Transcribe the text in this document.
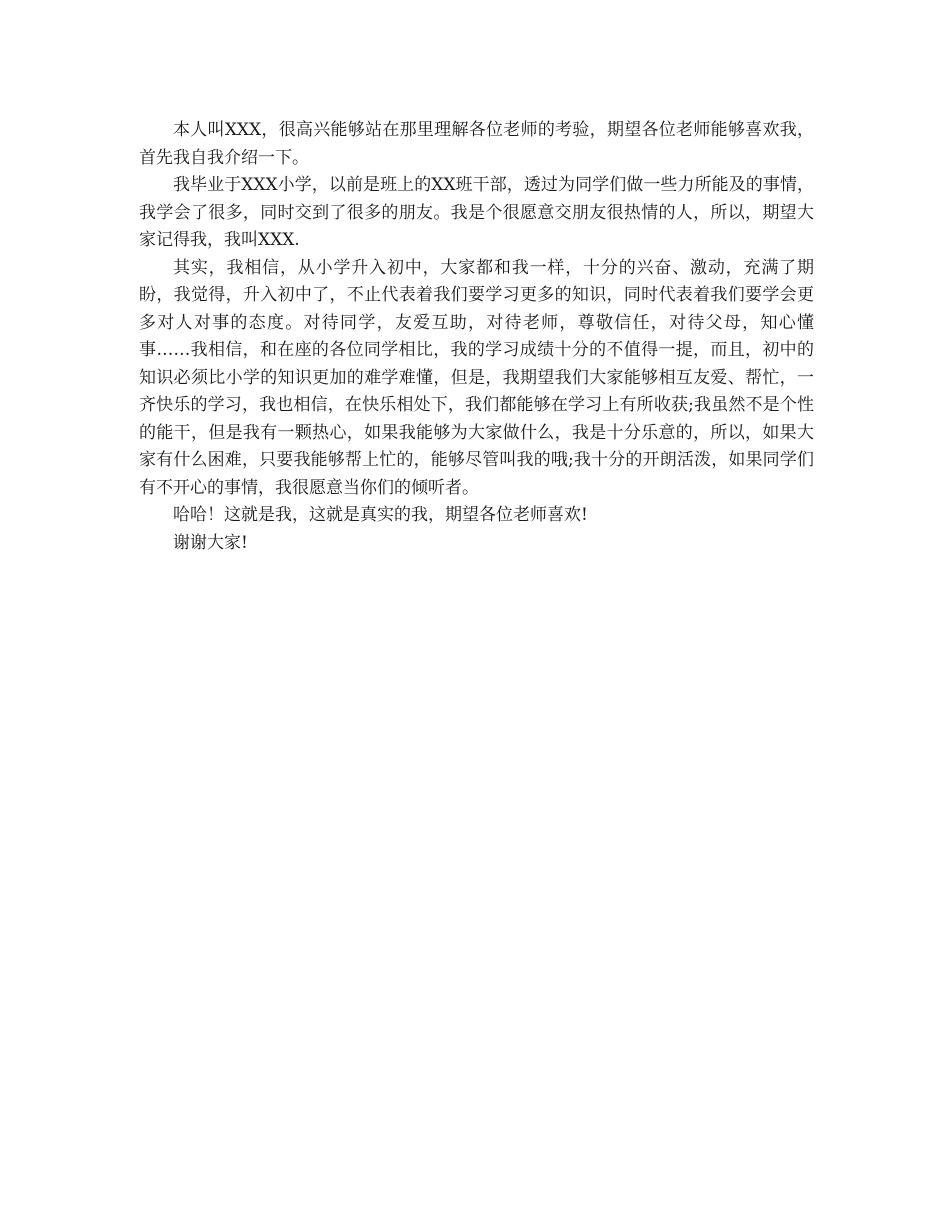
本人叫XXX，很高兴能够站在那里理解各位老师的考验，期望各位老师能够喜欢我，首先我自我介绍一下。

我毕业于XXX小学，以前是班上的XX班干部，透过为同学们做一些力所能及的事情，我学会了很多，同时交到了很多的朋友。我是个很愿意交朋友很热情的人，所以，期望大家记得我，我叫XXX.

其实，我相信，从小学升入初中，大家都和我一样，十分的兴奋、激动，充满了期盼，我觉得，升入初中了，不止代表着我们要学习更多的知识，同时代表着我们要学会更多对人对事的态度。对待同学，友爱互助，对待老师，尊敬信任，对待父母，知心懂事……我相信，和在座的各位同学相比，我的学习成绩十分的不值得一提，而且，初中的知识必须比小学的知识更加的难学难懂，但是，我期望我们大家能够相互友爱、帮忙，一齐快乐的学习，我也相信，在快乐相处下，我们都能够在学习上有所收获;我虽然不是个性的能干，但是我有一颗热心，如果我能够为大家做什么，我是十分乐意的，所以，如果大家有什么困难，只要我能够帮上忙的，能够尽管叫我的哦;我十分的开朗活泼，如果同学们有不开心的事情，我很愿意当你们的倾听者。

哈哈！这就是我，这就是真实的我，期望各位老师喜欢!

谢谢大家!
